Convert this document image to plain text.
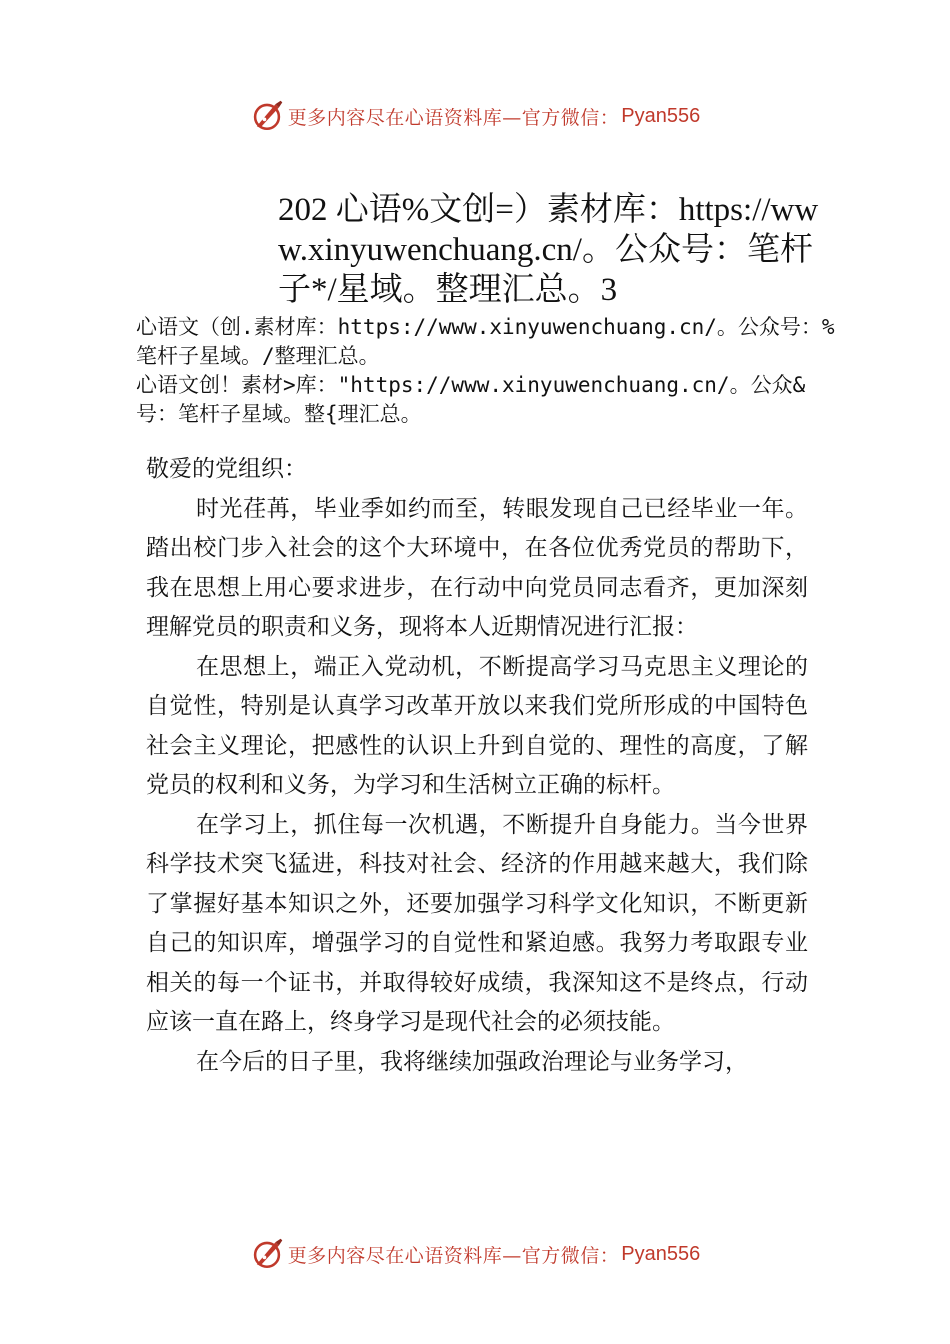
更多内容尽在心语资料库—官方微信： Pyan556
202 心语%文创=）素材库：https://www.xinyuwenchuang.cn/。公众号：笔杆子*/星域。整理汇总。3

心语文（创.素材库：https://www.xinyuwenchuang.cn/。公众号：%笔杆子星域。/整理汇总。

心语文创！素材>库："https://www.xinyuwenchuang.cn/。公众&号：笔杆子星域。整{理汇总。

敬爱的党组织：

时光荏苒，毕业季如约而至，转眼发现自己已经毕业一年。踏出校门步入社会的这个大环境中，在各位优秀党员的帮助下，我在思想上用心要求进步，在行动中向党员同志看齐，更加深刻理解党员的职责和义务，现将本人近期情况进行汇报：

在思想上，端正入党动机，不断提高学习马克思主义理论的自觉性，特别是认真学习改革开放以来我们党所形成的中国特色社会主义理论，把感性的认识上升到自觉的、理性的高度，了解党员的权利和义务，为学习和生活树立正确的标杆。

在学习上，抓住每一次机遇，不断提升自身能力。当今世界科学技术突飞猛进，科技对社会、经济的作用越来越大，我们除了掌握好基本知识之外，还要加强学习科学文化知识，不断更新自己的知识库，增强学习的自觉性和紧迫感。我努力考取跟专业相关的每一个证书，并取得较好成绩，我深知这不是终点，行动应该一直在路上，终身学习是现代社会的必须技能。

在今后的日子里，我将继续加强政治理论与业务学习，

更多内容尽在心语资料库—官方微信： Pyan556
